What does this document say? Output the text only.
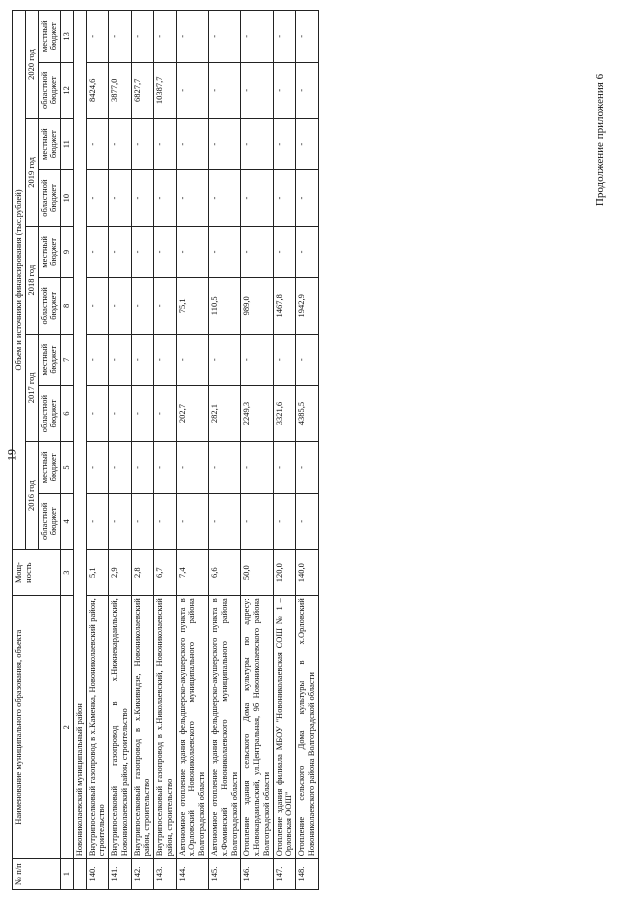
19
Продолжение приложения 6
№ п/п	Наименование муниципального образования, объекта	Мощ-ность	Объем и источники финансирования (тыс.рублей)									
			2016 год		2017 год		2018 год		2019 год		2020 год	
			областной бюджет	местный бюджет	областной бюджет	местный бюджет	областной бюджет	местный бюджет	областной бюджет	местный бюджет	областной бюджет	местный бюджет
1	2	3	4	5	6	7	8	9	10	11	12	13
	Новониколаевский муниципальный район											
140.	Внутрипоселковый газопровод в х.Каменка, Новониколаевский район, строительство	5,1	-	-	-	-	-	-	-	-	8424,6	-
141.	Внутрипоселковый газопровод в х.Нижнекардаильский, Новониколаевский район, строительство	2,9	-	-	-	-	-	-	-	-	3877,0	-
142.	Внутрипоселковый газопровод в х.Кикивидзе, Новониколаевский район, строительство	2,8	-	-	-	-	-	-	-	-	6827,7	-
143.	Внутрипоселковый газопровод в х.Николаевский, Новониколаевский район, строительство	6,7	-	-	-	-	-	-	-	-	10387,7	-
144.	Автономное отопление здания фельдшерско-акушерского пункта в х.Орловский Новониколаевского муниципального района Волгоградской области	7,4	-	-	202,7	-	75,1	-	-	-	-	-
145.	Автономное отопление здания фельдшерско-акушерского пункта в х.Фоминский Новониколаевского муниципального района Волгоградской области	6,6	-	-	282,1	-	110,5	-	-	-	-	-
146.	Отопление здания сельского Дома культуры по адресу: х.Новокардаильский, ул.Центральная, 9б Новониколаевского района Волгоградской области	50,0	-	-	2249,3	-	989,0	-	-	-	-	-
147.	Отопление здания филиала МБОУ "Новониколаевская СОШ № 1 – Орловская ООШ"	120,0	-	-	3321,6	-	1467,8	-	-	-	-	-
148.	Отопление сельского Дома культуры в х.Орловский Новониколаевского района Волгоградской области	140,0	-	-	4385,5	-	1942,9	-	-	-	-	-
